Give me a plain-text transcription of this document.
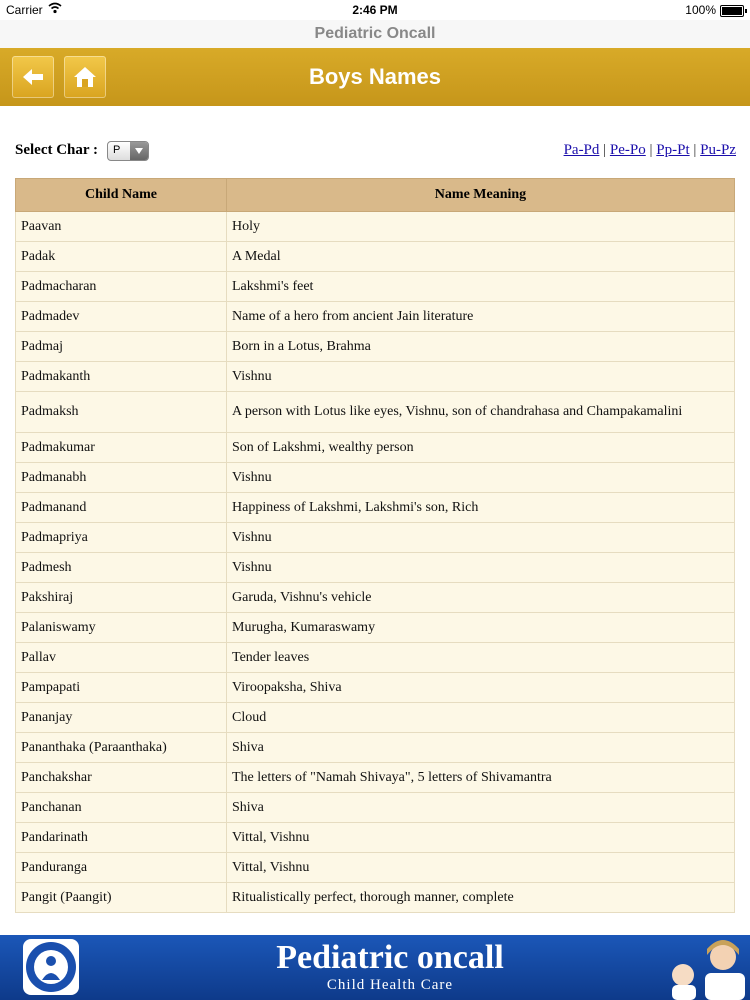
Carrier	2:46 PM	100%
Pediatric Oncall
Boys Names
Select Char : P	Pa-Pd | Pe-Po | Pp-Pt | Pu-Pz
Child Name	Name Meaning
Paavan	Holy
Padak	A Medal
Padmacharan	Lakshmi's feet
Padmadev	Name of a hero from ancient Jain literature
Padmaj	Born in a Lotus, Brahma
Padmakanth	Vishnu
Padmaksh	A person with Lotus like eyes, Vishnu, son of chandrahasa and Champakamalini
Padmakumar	Son of Lakshmi, wealthy person
Padmanabh	Vishnu
Padmanand	Happiness of Lakshmi, Lakshmi's son, Rich
Padmapriya	Vishnu
Padmesh	Vishnu
Pakshiraj	Garuda, Vishnu's vehicle
Palaniswamy	Murugha, Kumaraswamy
Pallav	Tender leaves
Pampapati	Viroopaksha, Shiva
Pananjay	Cloud
Pananthaka (Paraanthaka)	Shiva
Panchakshar	The letters of "Namah Shivaya", 5 letters of Shivamantra
Panchanan	Shiva
Pandarinath	Vittal, Vishnu
Panduranga	Vittal, Vishnu
Pangit (Paangit)	Ritualistically perfect, thorough manner, complete
Pediatric oncall
Child Health Care
